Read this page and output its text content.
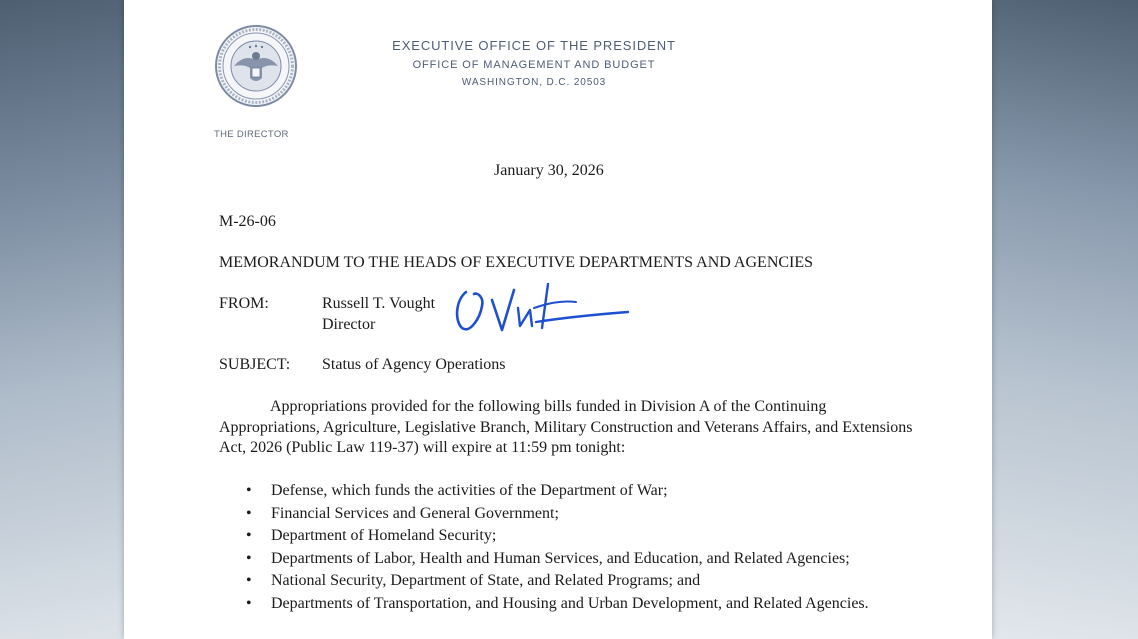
THE DIRECTOR
EXECUTIVE OFFICE OF THE PRESIDENT
OFFICE OF MANAGEMENT AND BUDGET
WASHINGTON, D.C. 20503
January 30, 2026
M-26-06
MEMORANDUM TO THE HEADS OF EXECUTIVE DEPARTMENTS AND AGENCIES
FROM:	Russell T. Vought
Director
SUBJECT: Status of Agency Operations
Appropriations provided for the following bills funded in Division A of the Continuing Appropriations, Agriculture, Legislative Branch, Military Construction and Veterans Affairs, and Extensions Act, 2026 (Public Law 119-37) will expire at 11:59 pm tonight:
• Defense, which funds the activities of the Department of War;
• Financial Services and General Government;
• Department of Homeland Security;
• Departments of Labor, Health and Human Services, and Education, and Related Agencies;
• National Security, Department of State, and Related Programs; and
• Departments of Transportation, and Housing and Urban Development, and Related Agencies.
